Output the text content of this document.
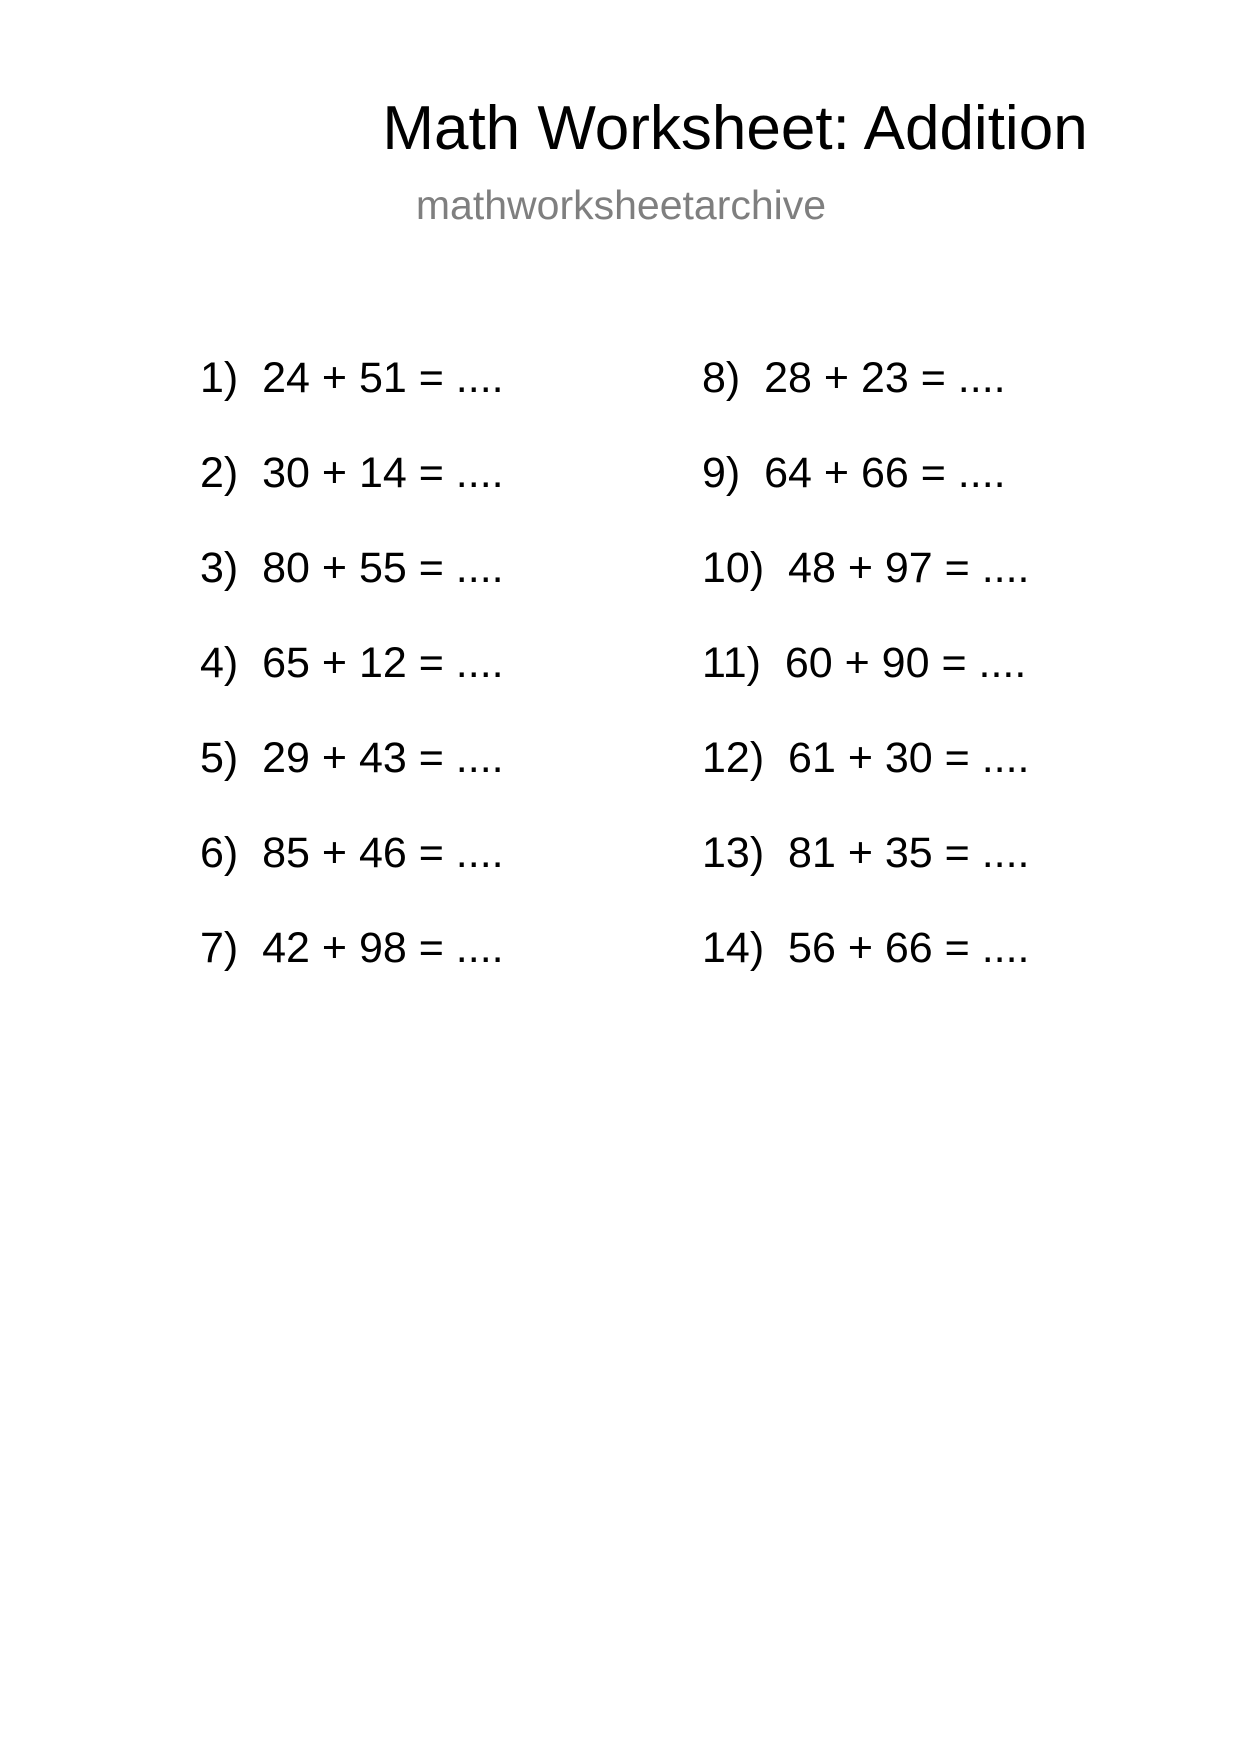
Math Worksheet: Addition
mathworksheetarchive
1)  24 + 51 = ....
2)  30 + 14 = ....
3)  80 + 55 = ....
4)  65 + 12 = ....
5)  29 + 43 = ....
6)  85 + 46 = ....
7)  42 + 98 = ....
8)  28 + 23 = ....
9)  64 + 66 = ....
10)  48 + 97 = ....
11)  60 + 90 = ....
12)  61 + 30 = ....
13)  81 + 35 = ....
14)  56 + 66 = ....
